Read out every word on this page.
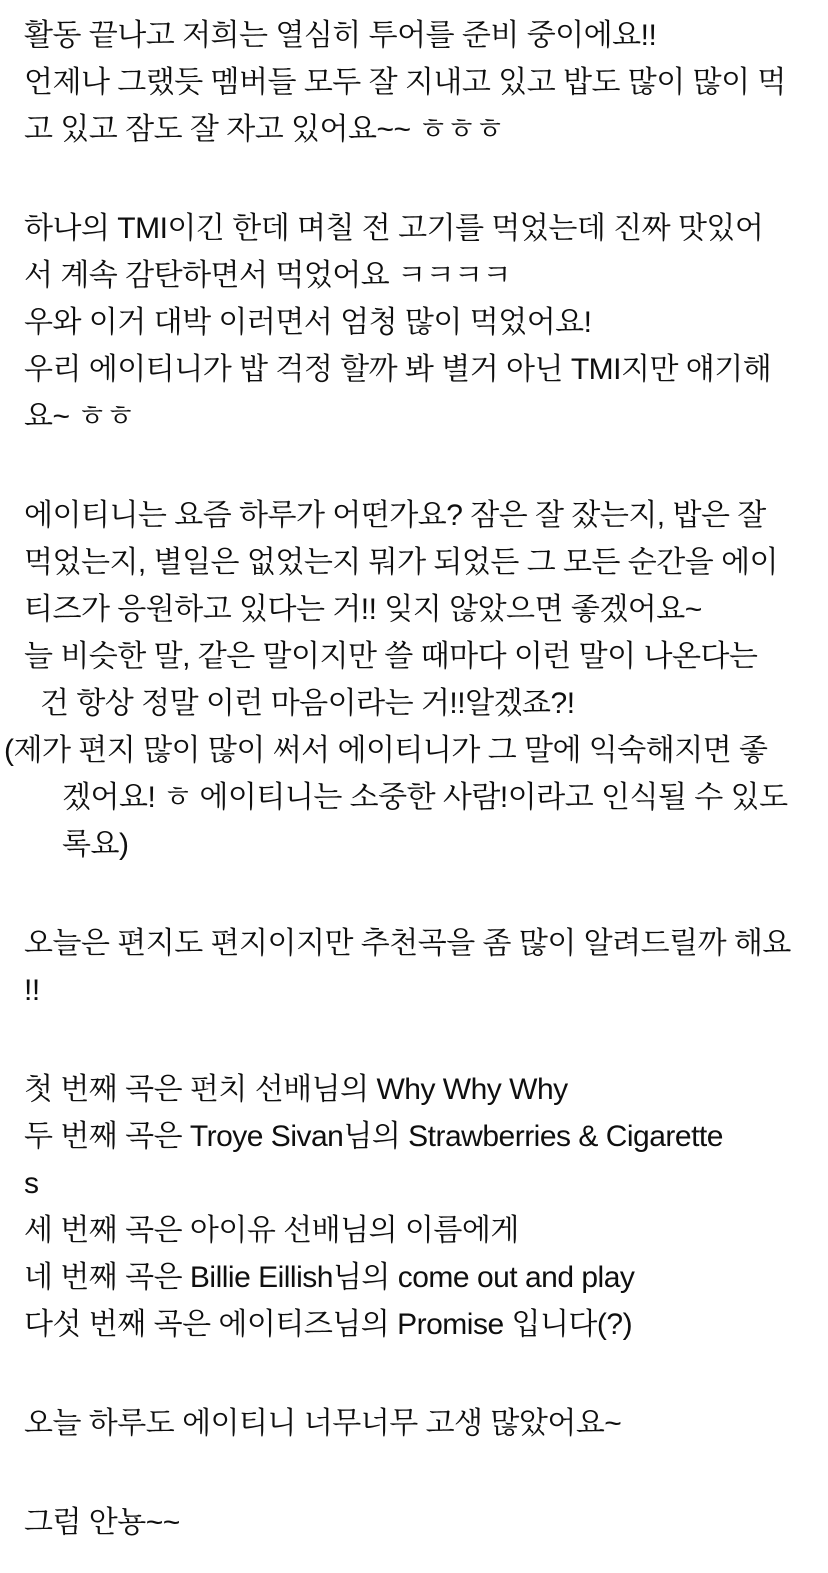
활동 끝나고 저희는 열심히 투어를 준비 중이에요!!
언제나 그랬듯 멤버들 모두 잘 지내고 있고 밥도 많이 많이 먹
고 있고 잠도 잘 자고 있어요~~ ㅎㅎㅎ
하나의 TMI이긴 한데 며칠 전 고기를 먹었는데 진짜 맛있어
서 계속 감탄하면서 먹었어요 ㅋㅋㅋㅋ
우와 이거 대박 이러면서 엄청 많이 먹었어요!
우리 에이티니가 밥 걱정 할까 봐 별거 아닌 TMI지만 얘기해
요~ ㅎㅎ
에이티니는 요즘 하루가 어떤가요? 잠은 잘 잤는지, 밥은 잘
먹었는지, 별일은 없었는지 뭐가 되었든 그 모든 순간을 에이
티즈가 응원하고 있다는 거!! 잊지 않았으면 좋겠어요~
늘 비슷한 말, 같은 말이지만 쓸 때마다 이런 말이 나온다는
건 항상 정말 이런 마음이라는 거!!알겠죠?!
(제가 편지 많이 많이 써서 에이티니가 그 말에 익숙해지면 좋
겠어요! ㅎ 에이티니는 소중한 사람!이라고 인식될 수 있도
록요)
오늘은 편지도 편지이지만 추천곡을 좀 많이 알려드릴까 해요
!!
첫 번째 곡은 펀치 선배님의 Why Why Why
두 번째 곡은 Troye Sivan님의 Strawberries & Cigarette
s
세 번째 곡은 아이유 선배님의 이름에게
네 번째 곡은 Billie Eillish님의 come out and play
다섯 번째 곡은 에이티즈님의 Promise 입니다(?)
오늘 하루도 에이티니 너무너무 고생 많았어요~
그럼 안뇽~~
